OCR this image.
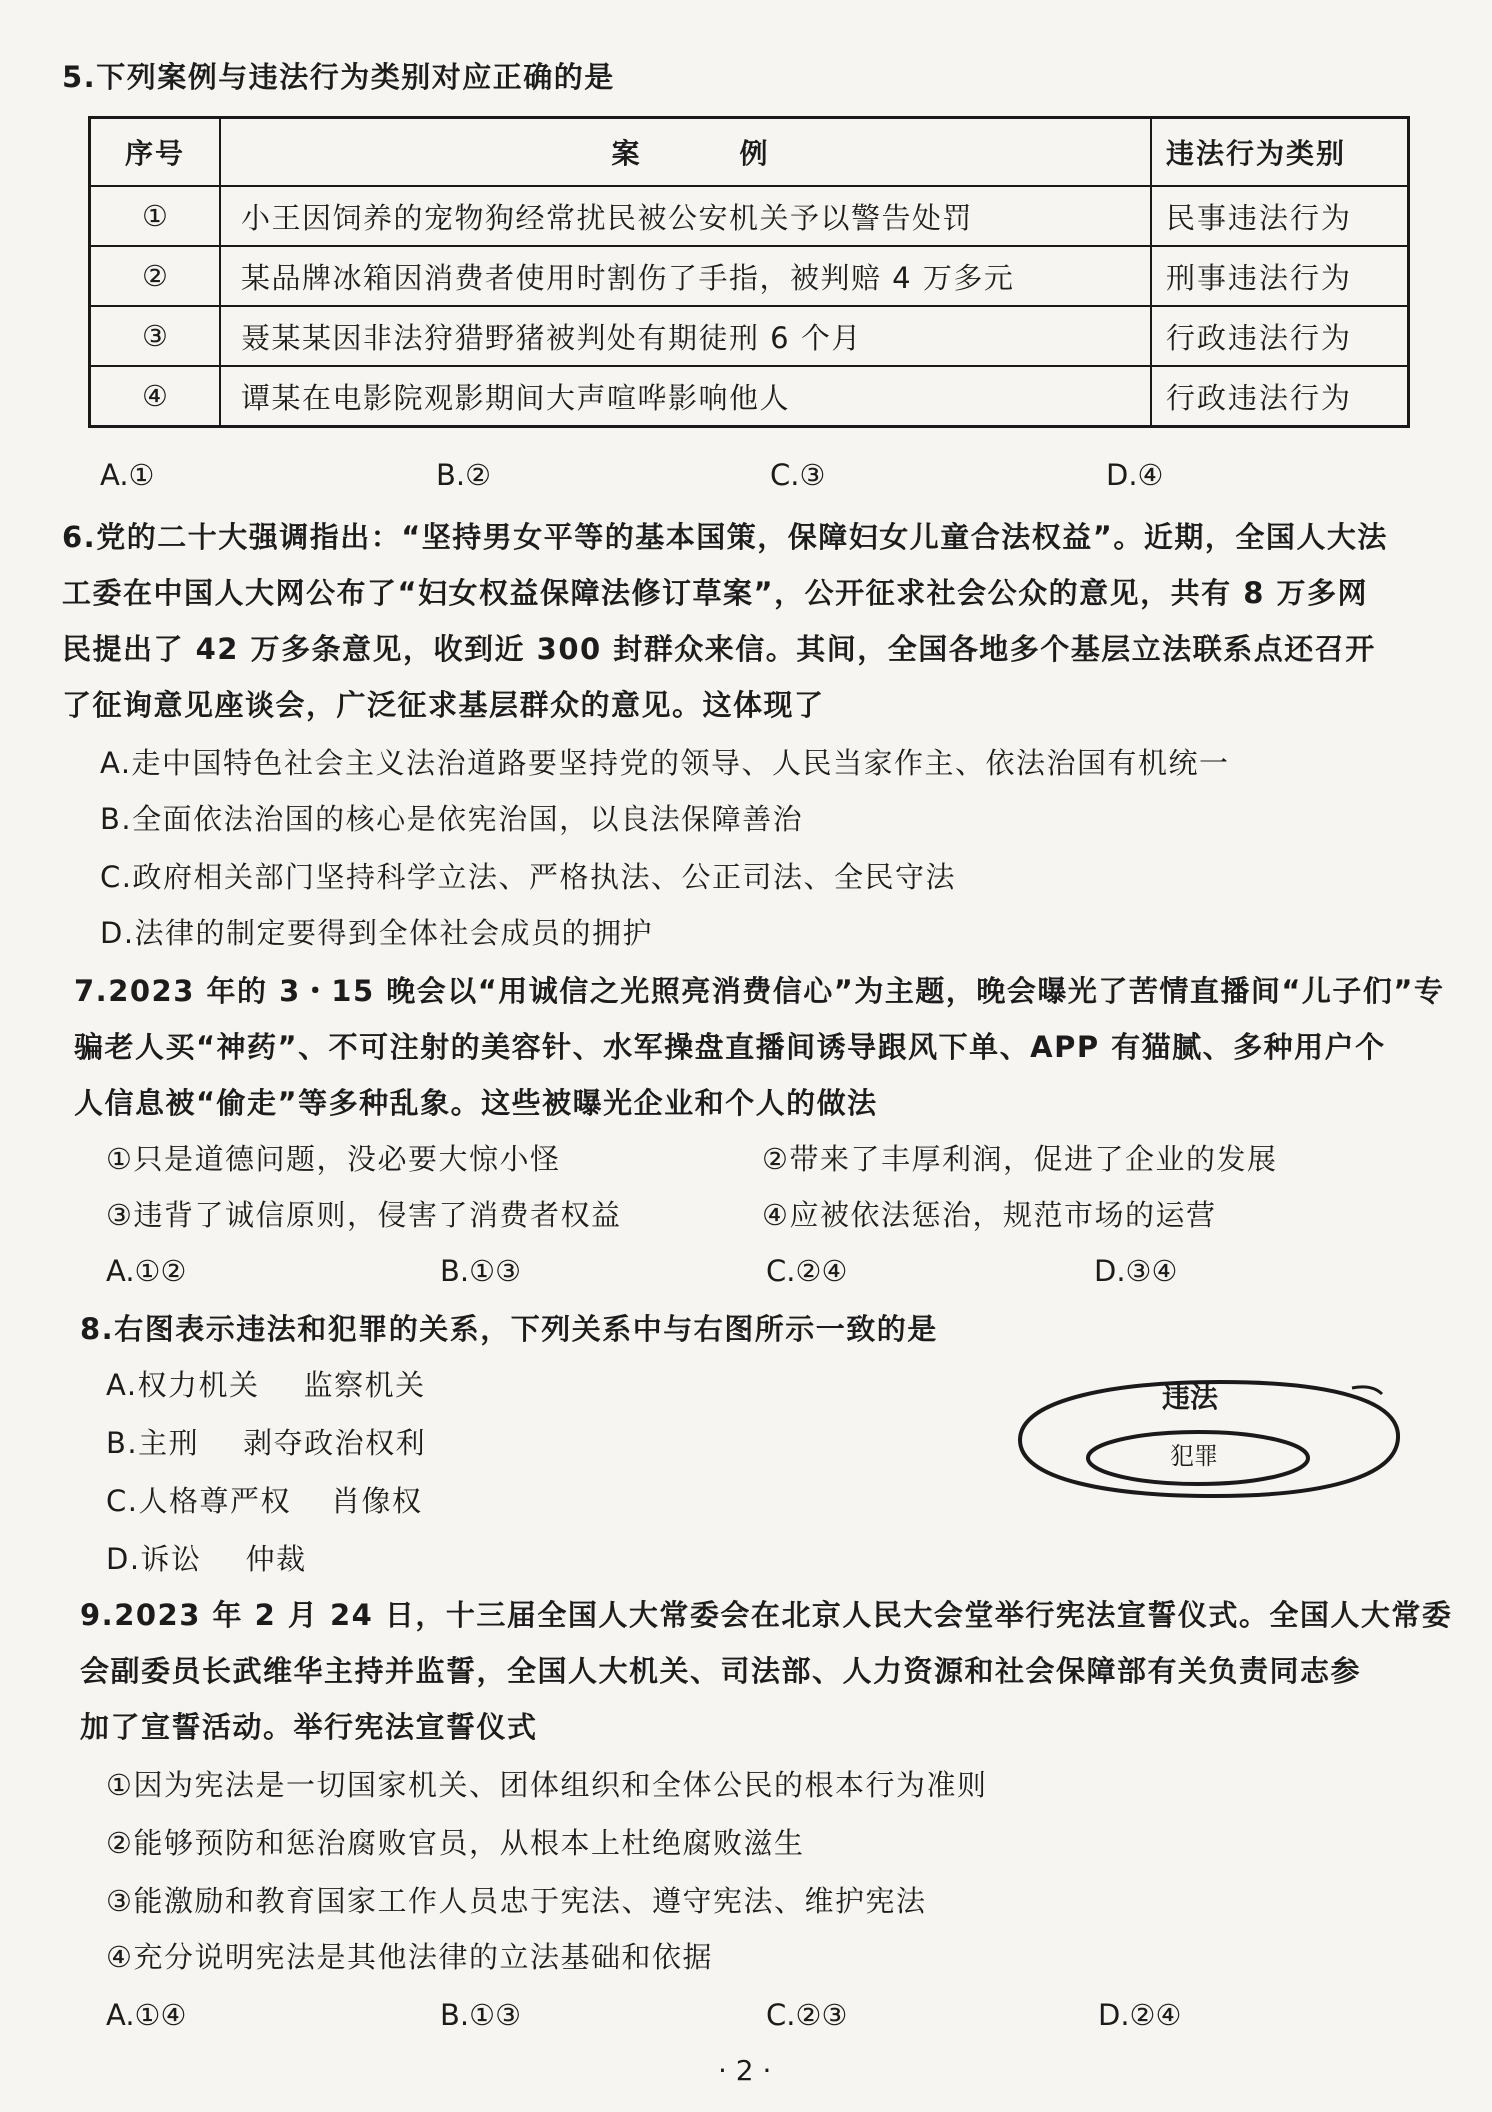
5.下列案例与违法行为类别对应正确的是
序号	案 例	违法行为类别
①	小王因饲养的宠物狗经常扰民被公安机关予以警告处罚	民事违法行为
②	某品牌冰箱因消费者使用时割伤了手指，被判赔 4 万多元	刑事违法行为
③	聂某某因非法狩猎野猪被判处有期徒刑 6 个月	行政违法行为
④	谭某在电影院观影期间大声喧哗影响他人	行政违法行为
A.①	B.②	C.③	D.④
6.党的二十大强调指出：“坚持男女平等的基本国策，保障妇女儿童合法权益”。近期，全国人大法
工委在中国人大网公布了“妇女权益保障法修订草案”，公开征求社会公众的意见，共有 8 万多网
民提出了 42 万多条意见，收到近 300 封群众来信。其间，全国各地多个基层立法联系点还召开
了征询意见座谈会，广泛征求基层群众的意见。这体现了
A.走中国特色社会主义法治道路要坚持党的领导、人民当家作主、依法治国有机统一
B.全面依法治国的核心是依宪治国，以良法保障善治
C.政府相关部门坚持科学立法、严格执法、公正司法、全民守法
D.法律的制定要得到全体社会成员的拥护
7.2023 年的 3・15 晚会以“用诚信之光照亮消费信心”为主题，晚会曝光了苦情直播间“儿子们”专
骗老人买“神药”、不可注射的美容针、水军操盘直播间诱导跟风下单、APP 有猫腻、多种用户个
人信息被“偷走”等多种乱象。这些被曝光企业和个人的做法
①只是道德问题，没必要大惊小怪	②带来了丰厚利润，促进了企业的发展
③违背了诚信原则，侵害了消费者权益	④应被依法惩治，规范市场的运营
A.①②	B.①③	C.②④	D.③④
8.右图表示违法和犯罪的关系，下列关系中与右图所示一致的是
A.权力机关 监察机关
B.主刑 剥夺政治权利
C.人格尊严权 肖像权
D.诉讼 仲裁
违法
犯罪
9.2023 年 2 月 24 日，十三届全国人大常委会在北京人民大会堂举行宪法宣誓仪式。全国人大常委
会副委员长武维华主持并监誓，全国人大机关、司法部、人力资源和社会保障部有关负责同志参
加了宣誓活动。举行宪法宣誓仪式
①因为宪法是一切国家机关、团体组织和全体公民的根本行为准则
②能够预防和惩治腐败官员，从根本上杜绝腐败滋生
③能激励和教育国家工作人员忠于宪法、遵守宪法、维护宪法
④充分说明宪法是其他法律的立法基础和依据
A.①④	B.①③	C.②③	D.②④
· 2 ·
